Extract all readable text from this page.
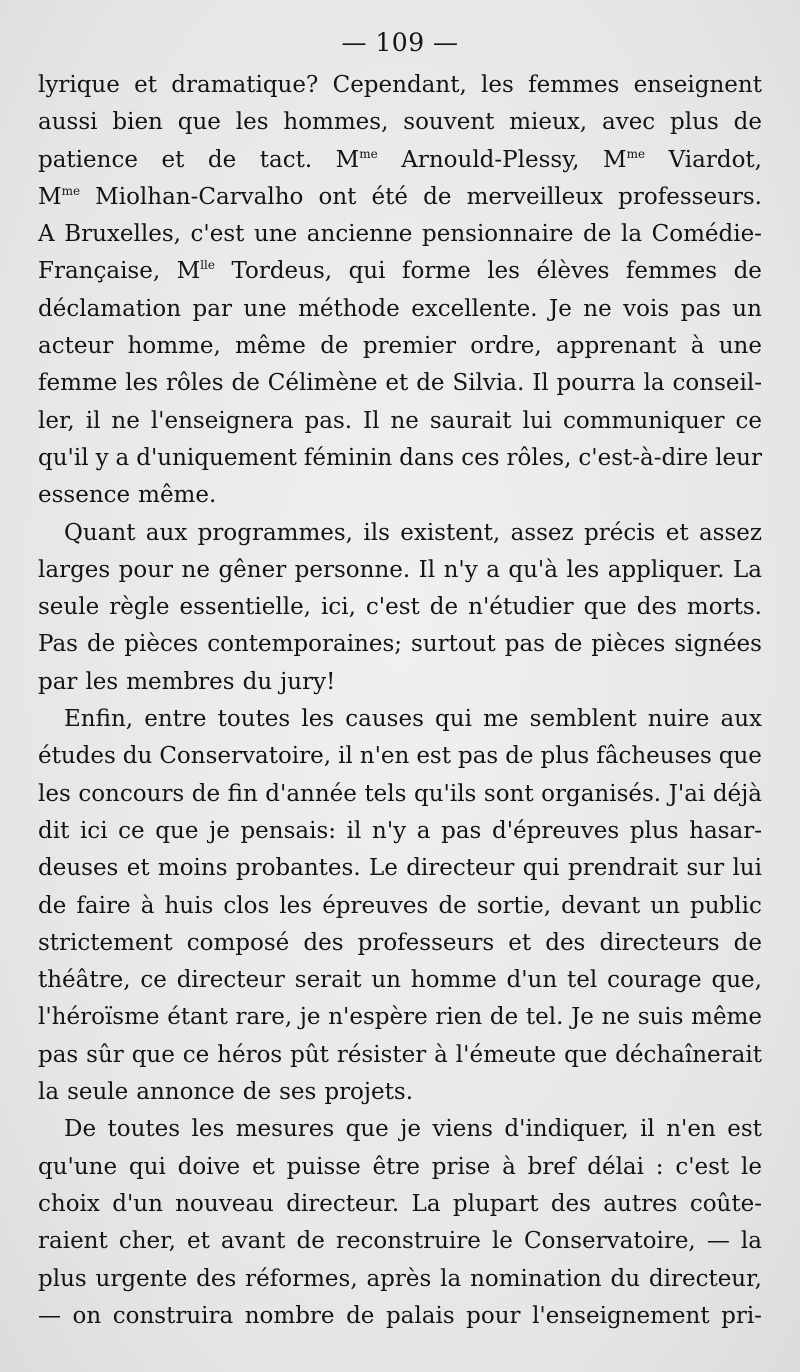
— 109 —
lyrique et dramatique? Cependant, les femmes enseignent
aussi bien que les hommes, souvent mieux, avec plus de
patience et de tact. $M^{me}$ Arnould-Plessy, $M^{me}$ Viardot,
$M^{me}$ Miolhan-Carvalho ont été de merveilleux professeurs.
A Bruxelles, c'est une ancienne pensionnaire de la Comédie-
Française, $M^{lle}$ Tordeus, qui forme les élèves femmes de
déclamation par une méthode excellente. Je ne vois pas un
acteur homme, même de premier ordre, apprenant à une
femme les rôles de Célimène et de Silvia. Il pourra la conseil-
ler, il ne l'enseignera pas. Il ne saurait lui communiquer ce
qu'il y a d'uniquement féminin dans ces rôles, c'est-à-dire leur
essence même.
Quant aux programmes, ils existent, assez précis et assez
larges pour ne gêner personne. Il n'y a qu'à les appliquer. La
seule règle essentielle, ici, c'est de n'étudier que des morts.
Pas de pièces contemporaines; surtout pas de pièces signées
par les membres du jury!
Enfin, entre toutes les causes qui me semblent nuire aux
études du Conservatoire, il n'en est pas de plus fâcheuses que
les concours de fin d'année tels qu'ils sont organisés. J'ai déjà
dit ici ce que je pensais: il n'y a pas d'épreuves plus hasar-
deuses et moins probantes. Le directeur qui prendrait sur lui
de faire à huis clos les épreuves de sortie, devant un public
strictement composé des professeurs et des directeurs de
théâtre, ce directeur serait un homme d'un tel courage que,
l'héroïsme étant rare, je n'espère rien de tel. Je ne suis même
pas sûr que ce héros pût résister à l'émeute que déchaînerait
la seule annonce de ses projets.
De toutes les mesures que je viens d'indiquer, il n'en est
qu'une qui doive et puisse être prise à bref délai : c'est le
choix d'un nouveau directeur. La plupart des autres coûte-
raient cher, et avant de reconstruire le Conservatoire, — la
plus urgente des réformes, après la nomination du directeur,
— on construira nombre de palais pour l'enseignement pri-
